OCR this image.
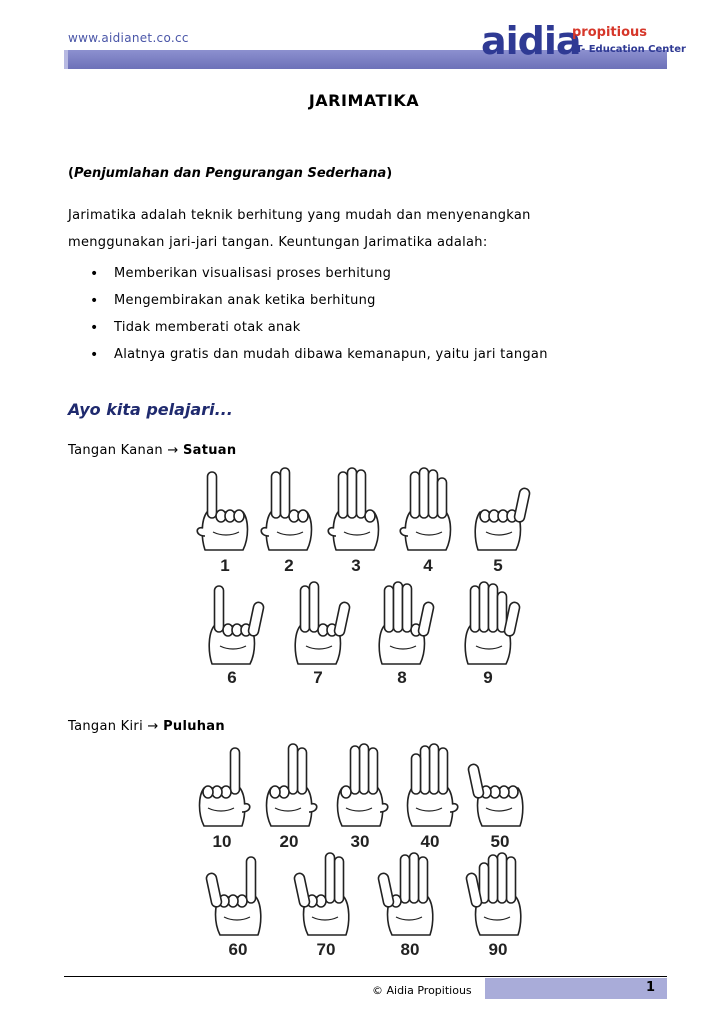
www.aidianet.co.cc	aidia
propitious
IT- Education Center
JARIMATIKA
(Penjumlahan dan Pengurangan Sederhana)
Jarimatika adalah teknik berhitung yang mudah dan menyenangkan
menggunakan jari-jari tangan. Keuntungan Jarimatika adalah:
• Memberikan visualisasi proses berhitung
• Mengembirakan anak ketika berhitung
• Tidak memberati otak anak
• Alatnya gratis dan mudah dibawa kemanapun, yaitu jari tangan
Ayo kita pelajari...
Tangan Kanan → Satuan
Tangan Kiri → Puluhan
1	2	3	4	5
6	7	8	9
10	20	30	40	50
60	70	80	90
© Aidia Propitious	1
